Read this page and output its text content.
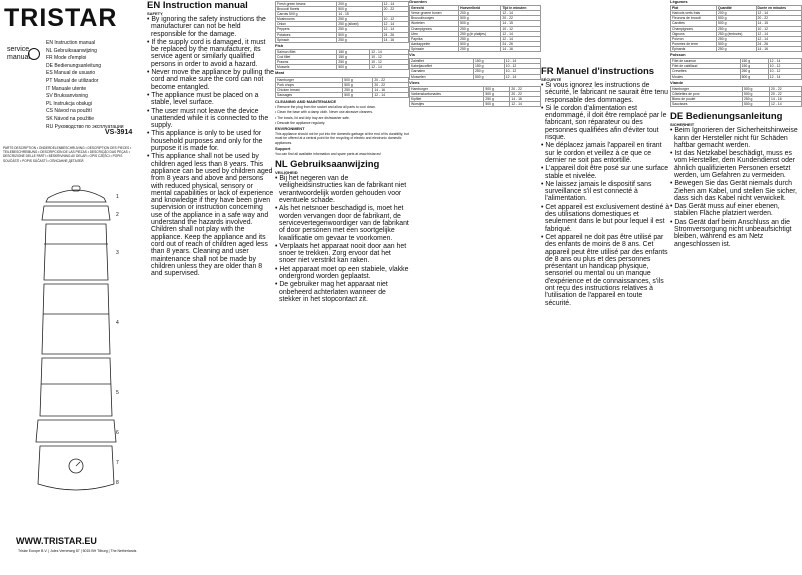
TRISTAR
service
manual
EN Instruction manual
NL Gebruiksaanwijzing
FR Mode d'emploi
DE Bedienungsanleitung
ES Manual de usuario
PT Manual de utilizador
IT Manuale utente
SV Bruksanvisning
PL Instrukcja obsługi
CS Návod na použití
SK Návod na použitie
RU Руководство по эксплуатации
VS-3914
PARTS DESCRIPTION • ONDERDELENBESCHRIJVING • DESCRIPTION DES PIECES • TEILEBESCHREIBUNG • DESCRIPCIÓN DE LAS PIEZAS • DESCRIÇÃO DAS PEÇAS • DESCRIZIONE DELLE PARTI • BESKRIVNING AV DELAR • OPIS CZĘŚCI • POPIS SOUČÁSTÍ • POPIS SÚČASTÍ • ОПИСАНИЕ ДЕТАЛЕЙ
1
2
3
4
5
6
7
8
WWW.TRISTAR.EU
Tristar Europe B.V. | Jules Verneweg 87 | 5015 BH Tilburg | The Netherlands
EN Instruction manual
SAFETY

• By ignoring the safety instructions the manufacturer can not be held responsible for the damage.

• If the supply cord is damaged, it must be replaced by the manufacturer, its service agent or similarly qualified persons in order to avoid a hazard.

• Never move the appliance by pulling the cord and make sure the cord can not become entangled.

• The appliance must be placed on a stable, level surface.

• The user must not leave the device unattended while it is connected to the supply.

• This appliance is only to be used for household purposes and only for the purpose it is made for.

• This appliance shall not be used by children aged less than 8 years. This appliance can be used by children aged from 8 years and above and persons with reduced physical, sensory or mental capabilities or lack of experience and knowledge if they have been given supervision or instruction concerning use of the appliance in a safe way and understand the hazards involved. Children shall not play with the appliance. Keep the appliance and its cord out of reach of children aged less than 8 years. Cleaning and user maintenance shall not be made by children unless they are older than 8 and supervised.

Fresh green beans	200 g	12 - 14
Broccoli florets	500 g	20 - 22
Carrots 500 g	14 - 15	
Mushrooms	250 g	10 - 12
Onion	250 g (sliced)	12 - 14
Peppers	250 g	12 - 14
Potatoes	500 g	24 - 26
Spinach	250 g	14 - 16
Fish
Salmon fillet	150 g	12 - 14
Cod fillet	150 g	10 - 12
Prawns	250 g	10 - 12
Mussels	500 g	12 - 14
Meat
Hamburger	500 g	20 - 22
Pork chops	500 g	20 - 22
Chicken breast	250 g	14 - 16
Sausages	500 g	12 - 14
CLEANING AND MAINTENANCE

• Remove the plug from the socket and allow all parts to cool down.

• Clean the base with a damp cloth. Never use abrasive cleaners.

• The bowls, lid and drip tray are dishwasher safe.

• Descale the appliance regularly.

ENVIRONMENT

This appliance should not be put into the domestic garbage at the end of its durability, but must be offered at a central point for the recycling of electric and electronic domestic appliances.

Support

You can find all available information and spare parts at www.tristar.eu!

NL Gebruiksaanwijzing
VEILIGHEID

• Bij het negeren van de veiligheidsinstructies kan de fabrikant niet verantwoordelijk worden gehouden voor eventuele schade.

• Als het netsnoer beschadigd is, moet het worden vervangen door de fabrikant, de servicevertegenwoordiger van de fabrikant of door personen met een soortgelijke kwalificatie om gevaar te voorkomen.

• Verplaats het apparaat nooit door aan het snoer te trekken. Zorg ervoor dat het snoer niet verstrikt kan raken.

• Het apparaat moet op een stabiele, vlakke ondergrond worden geplaatst.

• De gebruiker mag het apparaat niet onbeheerd achterlaten wanneer de stekker in het stopcontact zit.

Groenten
Gerecht	Hoeveelheid	Tijd in minuten
Verse groene bonen	200 g	12 - 14
Broccoliroosjes	500 g	20 - 22
Wortelen	500 g	14 - 15
Champignons	250 g	10 - 12
Uien	250 g (in plakjes)	12 - 14
Paprika	250 g	12 - 14
Aardappelen	500 g	24 - 26
Spinazie	250 g	14 - 16
Vis
Zalmfilet	150 g	12 - 14
Kabeljauwfilet	150 g	10 - 12
Garnalen	250 g	10 - 12
Mosselen	500 g	12 - 14
Vlees
Hamburger	500 g	20 - 22
Varkenskarbonades	500 g	20 - 22
Kipfilet	250 g	14 - 16
Worstjes	500 g	12 - 14
FR Manuel d'instructions
SÉCURITÉ

• Si vous ignorez les instructions de sécurité, le fabricant ne saurait être tenu responsable des dommages.

• Si le cordon d'alimentation est endommagé, il doit être remplacé par le fabricant, son réparateur ou des personnes qualifiées afin d'éviter tout risque.

• Ne déplacez jamais l'appareil en tirant sur le cordon et veillez à ce que ce dernier ne soit pas entortillé.

• L'appareil doit être posé sur une surface stable et nivelée.

• Ne laissez jamais le dispositif sans surveillance s'il est connecté à l'alimentation.

• Cet appareil est exclusivement destiné à des utilisations domestiques et seulement dans le but pour lequel il est fabriqué.

• Cet appareil ne doit pas être utilisé par des enfants de moins de 8 ans. Cet appareil peut être utilisé par des enfants de 8 ans ou plus et des personnes présentant un handicap physique, sensoriel ou mental ou un manque d'expérience et de connaissances, s'ils ont reçu des instructions relatives à l'utilisation de l'appareil en toute sécurité.

Légumes
Plat	Quantité	Durée en minutes
Haricots verts frais	200 g	12 - 14
Fleurons de brocoli	500 g	20 - 22
Carottes	500 g	14 - 15
Champignons	250 g	10 - 12
Oignons	250 g (émincés)	12 - 14
Poivron	250 g	12 - 14
Pommes de terre	500 g	24 - 26
Épinards	250 g	14 - 16
Poisson
Filet de saumon	150 g	12 - 14
Filet de cabillaud	150 g	10 - 12
Crevettes	250 g	10 - 12
Moules	500 g	12 - 14
Viande
Hamburger	500 g	20 - 22
Côtelettes de porc	500 g	20 - 22
Blanc de poulet	250 g	14 - 16
Saucisses	500 g	12 - 14
DE Bedienungsanleitung
SICHERHEIT

• Beim Ignorieren der Sicherheitshinweise kann der Hersteller nicht für Schäden haftbar gemacht werden.

• Ist das Netzkabel beschädigt, muss es vom Hersteller, dem Kundendienst oder ähnlich qualifizierten Personen ersetzt werden, um Gefahren zu vermeiden.

• Bewegen Sie das Gerät niemals durch Ziehen am Kabel, und stellen Sie sicher, dass sich das Kabel nicht verwickelt.

• Das Gerät muss auf einer ebenen, stabilen Fläche platziert werden.

• Das Gerät darf beim Anschluss an die Stromversorgung nicht unbeaufsichtigt bleiben, während es am Netz angeschlossen ist.
